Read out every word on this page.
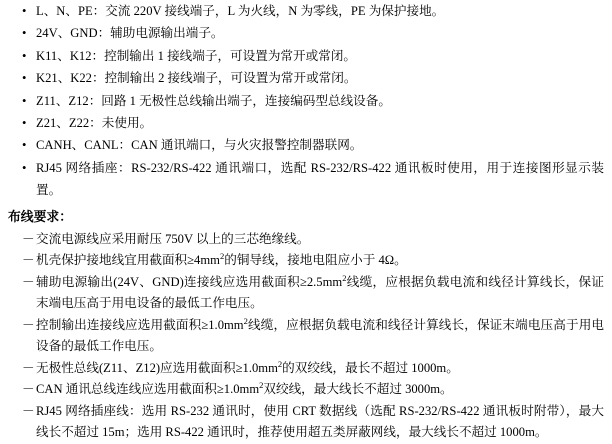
• L、N、PE：交流 220V 接线端子，L 为火线，N 为零线，PE 为保护接地。
• 24V、GND：辅助电源输出端子。
• K11、K12：控制输出 1 接线端子，可设置为常开或常闭。
• K21、K22：控制输出 2 接线端子，可设置为常开或常闭。
• Z11、Z12：回路 1 无极性总线输出端子，连接编码型总线设备。
• Z21、Z22：未使用。
• CANH、CANL：CAN 通讯端口，与火灾报警控制器联网。
• RJ45 网络插座：RS-232/RS-422 通讯端口，选配 RS-232/RS-422 通讯板时使用，用于连接图形显示装置。
布线要求：
－ 交流电源线应采用耐压 750V 以上的三芯绝缘线。
－ 机壳保护接地线宜用截面积$\ge 4mm^2$的铜导线，接地电阻应小于 4Ω。
－ 辅助电源输出(24V、GND)连接线应选用截面积$\ge 2.5mm^2$线缆，应根据负载电流和线径计算线长，保证末端电压高于用电设备的最低工作电压。
－ 控制输出连接线应选用截面积$\ge 1.0mm^2$线缆，应根据负载电流和线径计算线长，保证末端电压高于用电设备的最低工作电压。
－ 无极性总线(Z11、Z12)应选用截面积$\ge 1.0mm^2$的双绞线，最长不超过 1000m。
－ CAN 通讯总线连线应选用截面积$\ge 1.0mm^2$双绞线，最大线长不超过 3000m。
－ RJ45 网络插座线：选用 RS-232 通讯时，使用 CRT 数据线（选配 RS-232/RS-422 通讯板时附带），最大线长不超过 15m；选用 RS-422 通讯时，推荐使用超五类屏蔽网线，最大线长不超过 1000m。
